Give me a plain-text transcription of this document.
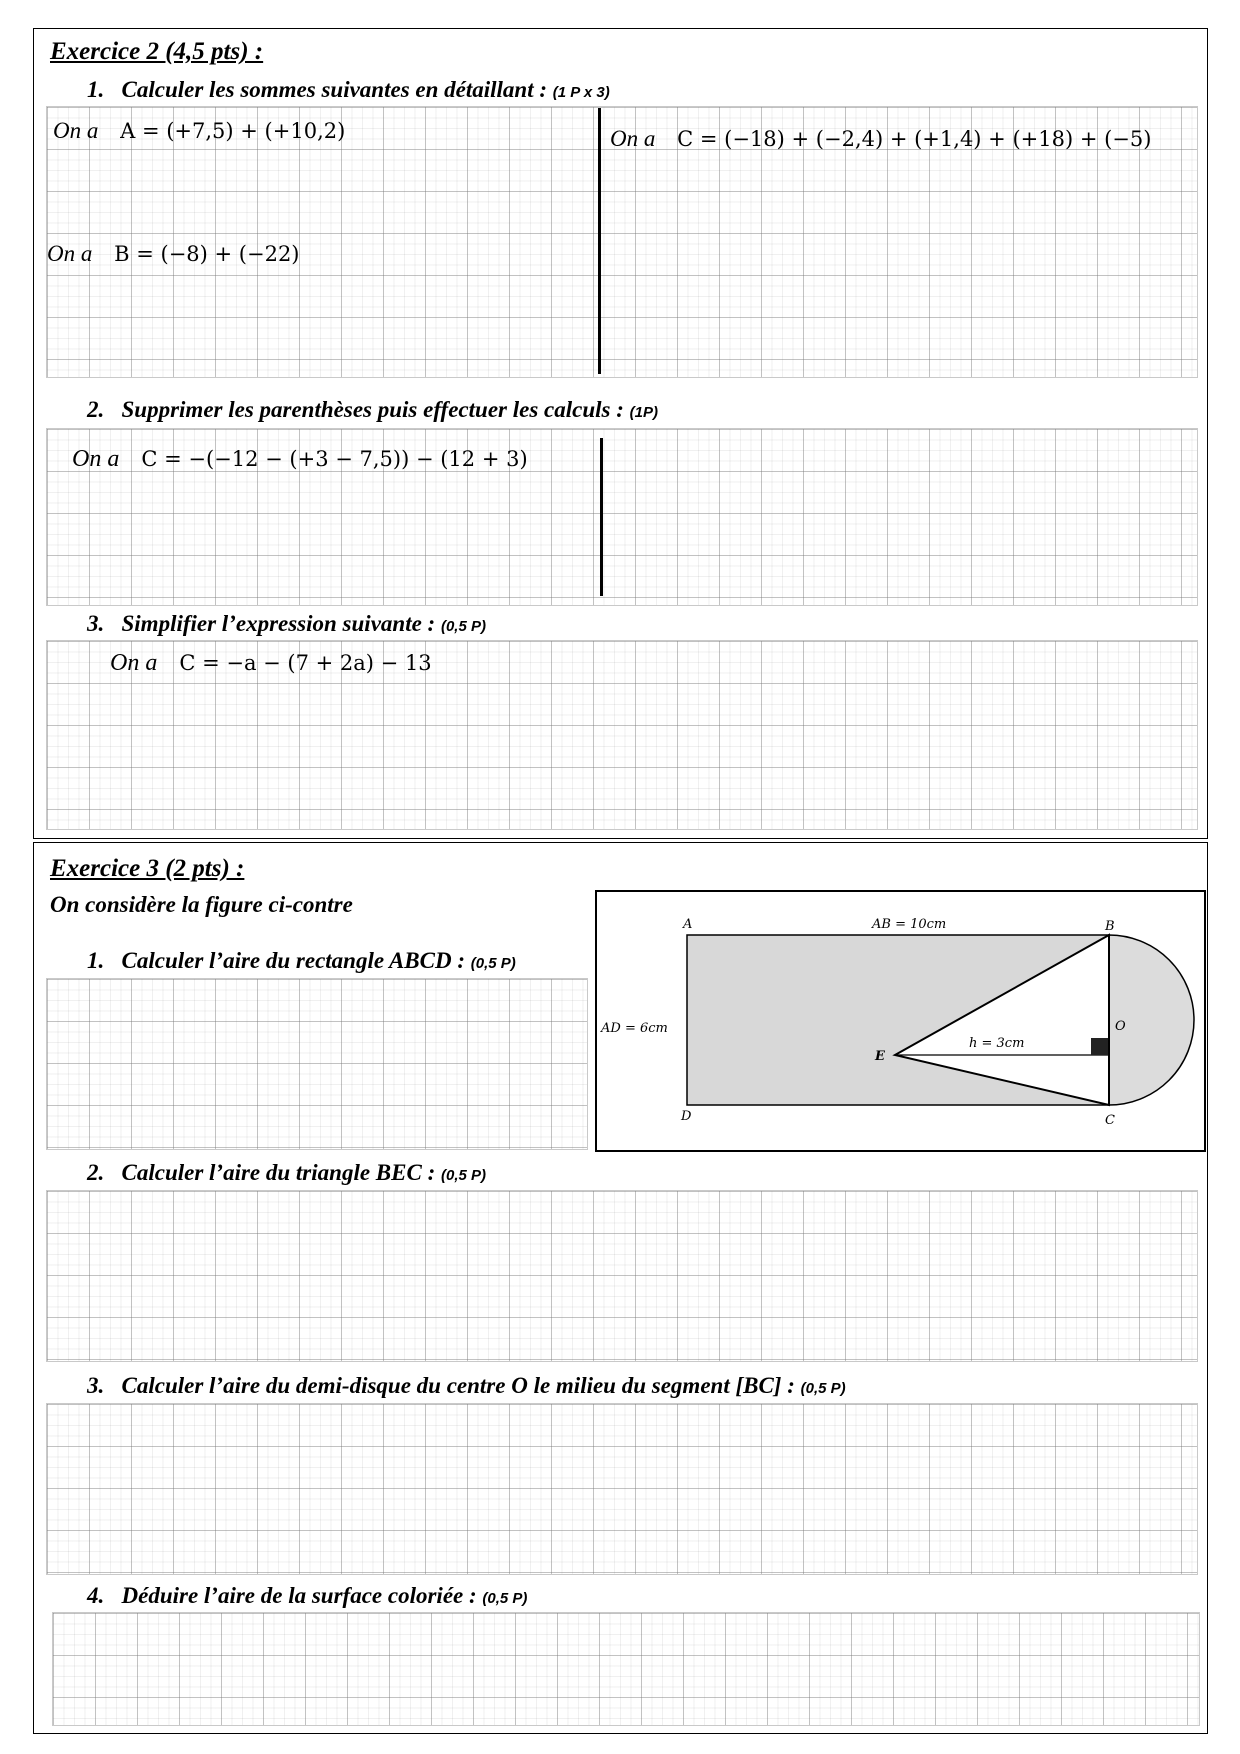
Exercice 2 (4,5 pts) :
1. Calculer les sommes suivantes en détaillant : (1 P x 3)
On a A = (+7,5) + (+10,2)
On a B = (−8) + (−22)
On a C = (−18) + (−2,4) + (+1,4) + (+18) + (−5)
2. Supprimer les parenthèses puis effectuer les calculs : (1P)
On a C = −(−12 − (+3 − 7,5)) − (12 + 3)
3. Simplifier l’expression suivante : (0,5 P)
On a C = −a − (7 + 2a) − 13
Exercice 3 (2 pts) :
On considère la figure ci-contre
1. Calculer l’aire du rectangle ABCD : (0,5 P)
A	B
C
D
E
O
AB = 10cm
AD = 6cm
h = 3cm
2. Calculer l’aire du triangle BEC : (0,5 P)
3. Calculer l’aire du demi-disque du centre O le milieu du segment [BC] : (0,5 P)
4. Déduire l’aire de la surface coloriée : (0,5 P)
